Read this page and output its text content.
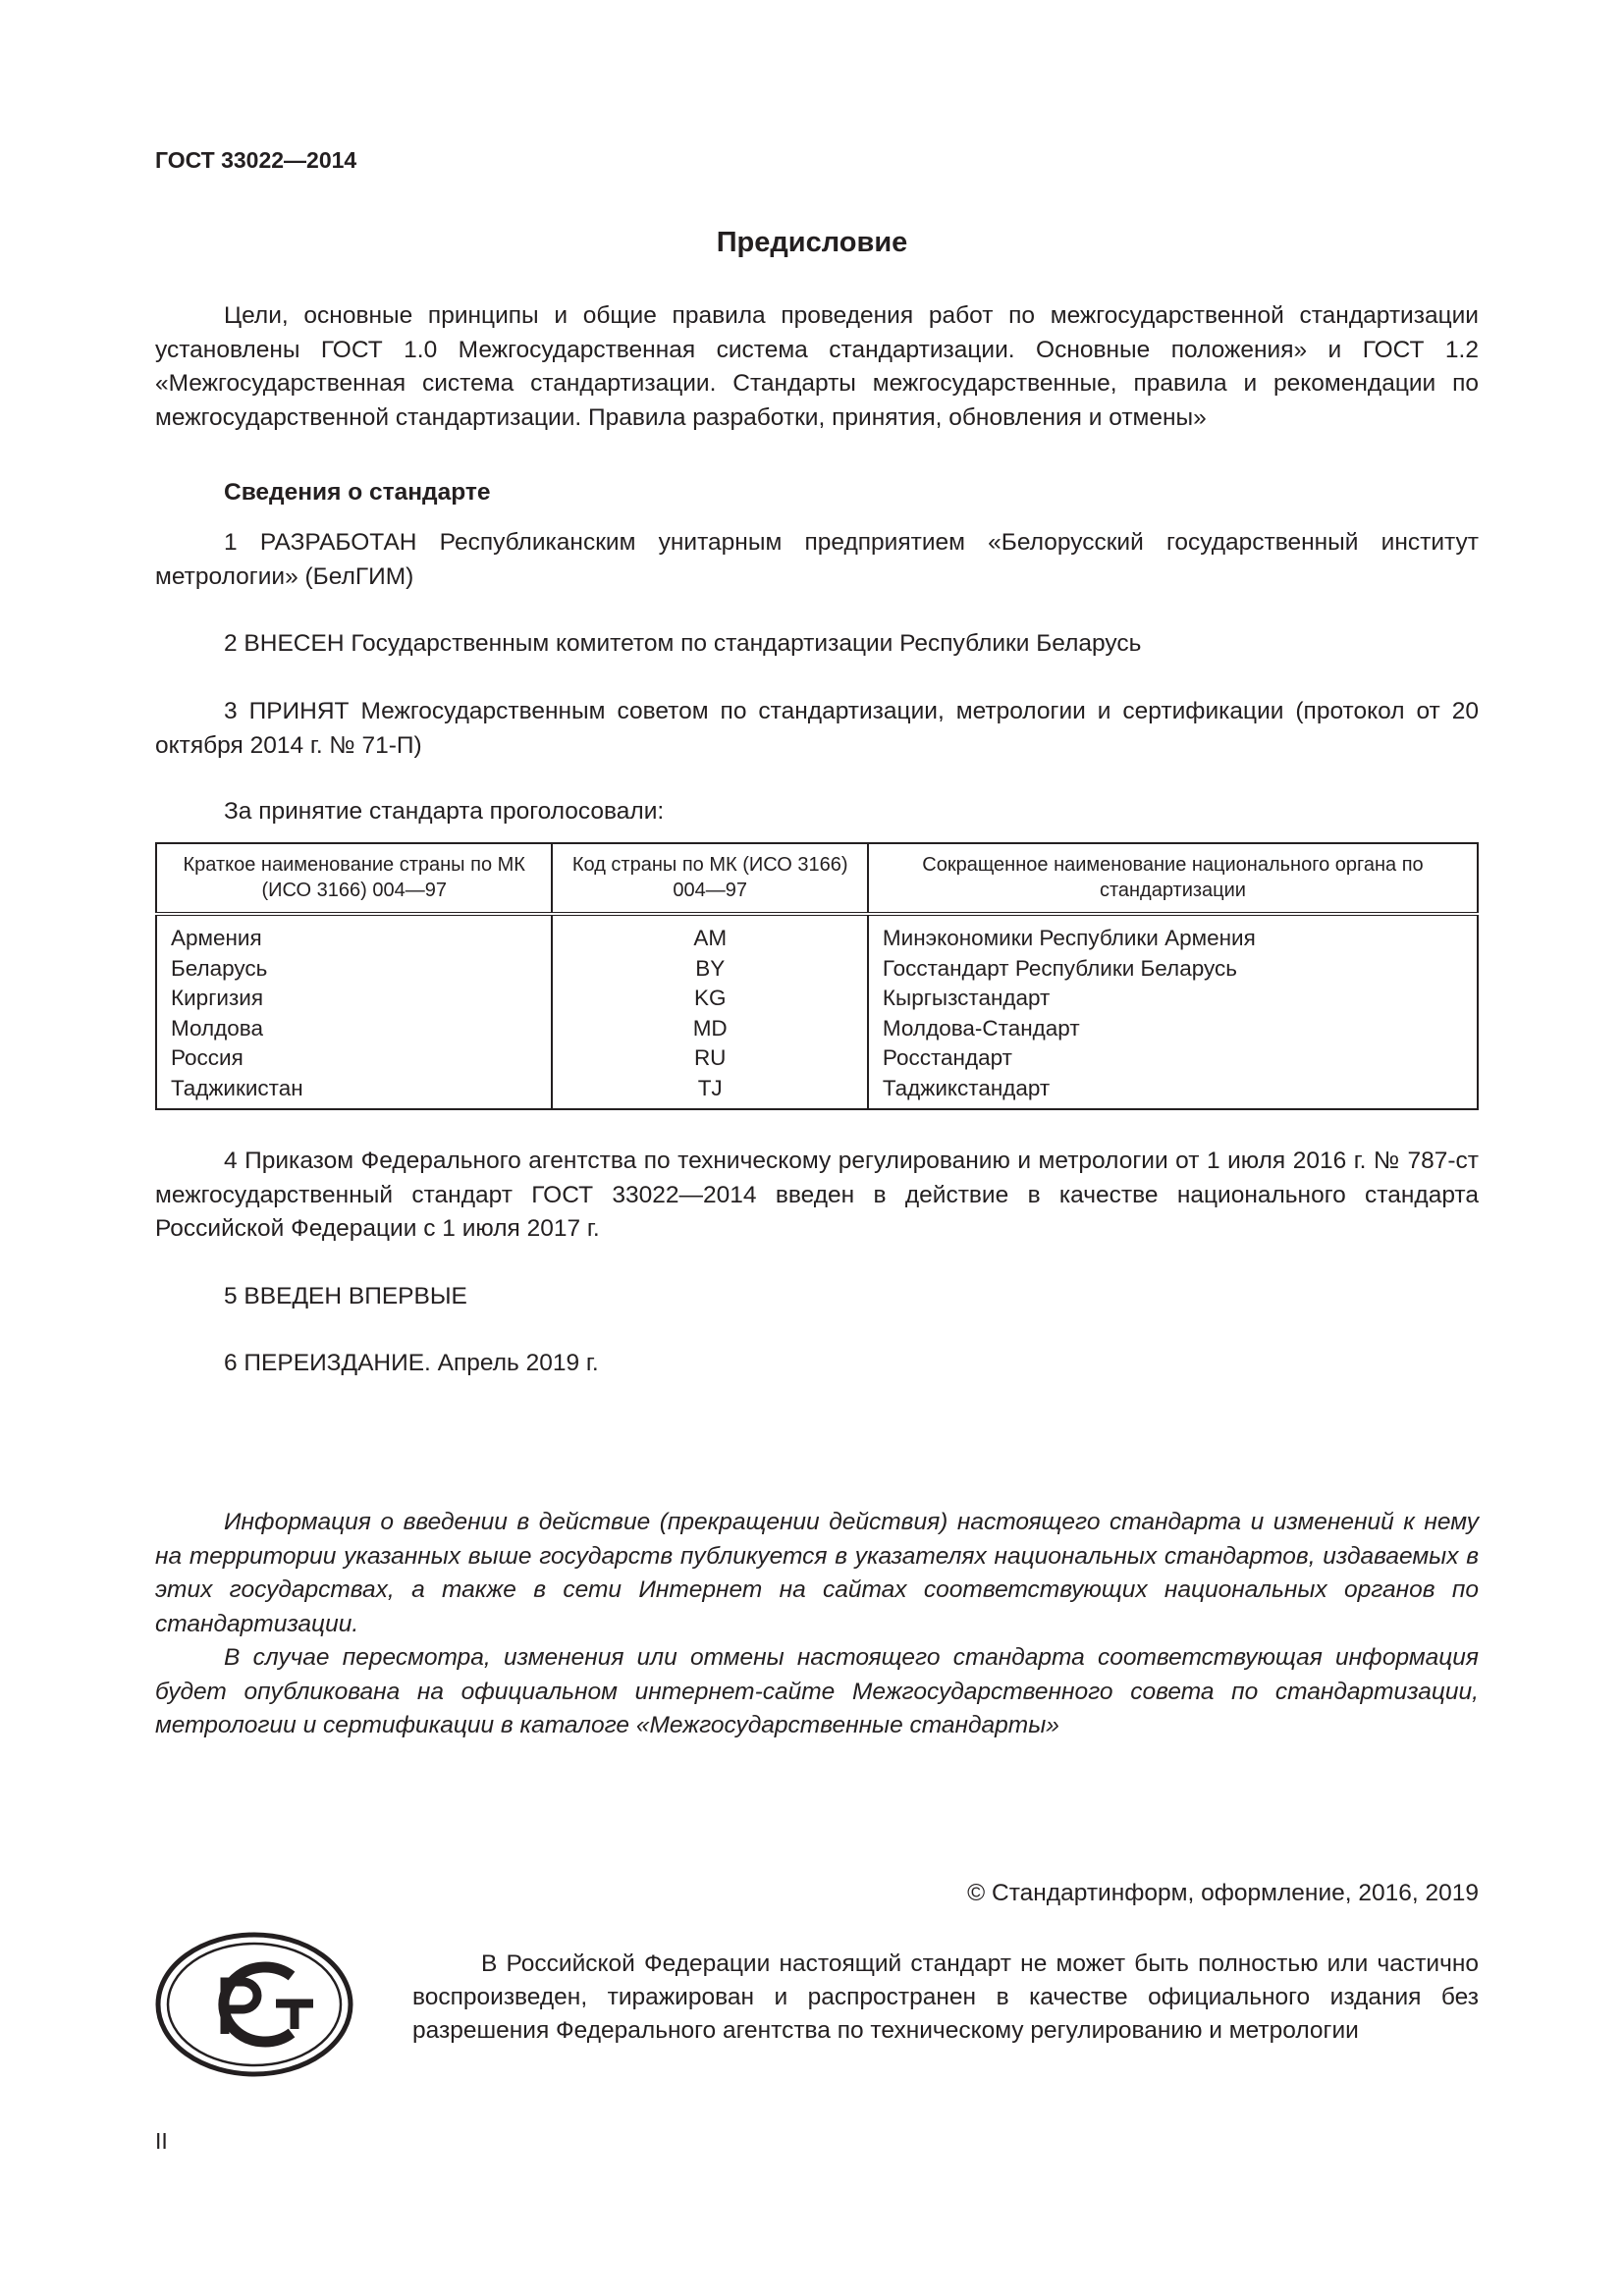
ГОСТ 33022—2014
Предисловие

Цели, основные принципы и общие правила проведения работ по межгосударственной стандартизации установлены ГОСТ 1.0 Межгосударственная система стандартизации. Основные положения» и ГОСТ 1.2 «Межгосударственная система стандартизации. Стандарты межгосударственные, правила и рекомендации по межгосударственной стандартизации. Правила разработки, принятия, обновления и отмены»

Сведения о стандарте

1 РАЗРАБОТАН Республиканским унитарным предприятием «Белорусский государственный институт метрологии» (БелГИМ)

2 ВНЕСЕН Государственным комитетом по стандартизации Республики Беларусь

3 ПРИНЯТ Межгосударственным советом по стандартизации, метрологии и сертификации (протокол от 20 октября 2014 г. № 71-П)

За принятие стандарта проголосовали:

Краткое наименование страны по МК (ИСО 3166) 004—97	Код страны по МК (ИСО 3166) 004—97	Сокращенное наименование национального органа по стандартизации
Армения	AM	Минэкономики Республики Армения
Беларусь	BY	Госстандарт Республики Беларусь
Киргизия	KG	Кыргызстандарт
Молдова	MD	Молдова-Стандарт
Россия	RU	Росстандарт
Таджикистан	TJ	Таджикстандарт

4 Приказом Федерального агентства по техническому регулированию и метрологии от 1 июля 2016 г. № 787-ст межгосударственный стандарт ГОСТ 33022—2014 введен в действие в качестве национального стандарта Российской Федерации с 1 июля 2017 г.

5 ВВЕДЕН ВПЕРВЫЕ

6 ПЕРЕИЗДАНИЕ. Апрель 2019 г.

Информация о введении в действие (прекращении действия) настоящего стандарта и изменений к нему на территории указанных выше государств публикуется в указателях национальных стандартов, издаваемых в этих государствах, а также в сети Интернет на сайтах соответствующих национальных органов по стандартизации.

В случае пересмотра, изменения или отмены настоящего стандарта соответствующая информация будет опубликована на официальном интернет-сайте Межгосударственного совета по стандартизации, метрологии и сертификации в каталоге «Межгосударственные стандарты»

© Стандартинформ, оформление, 2016, 2019

В Российской Федерации настоящий стандарт не может быть полностью или частично воспроизведен, тиражирован и распространен в качестве официального издания без разрешения Федерального агентства по техническому регулированию и метрологии

II
